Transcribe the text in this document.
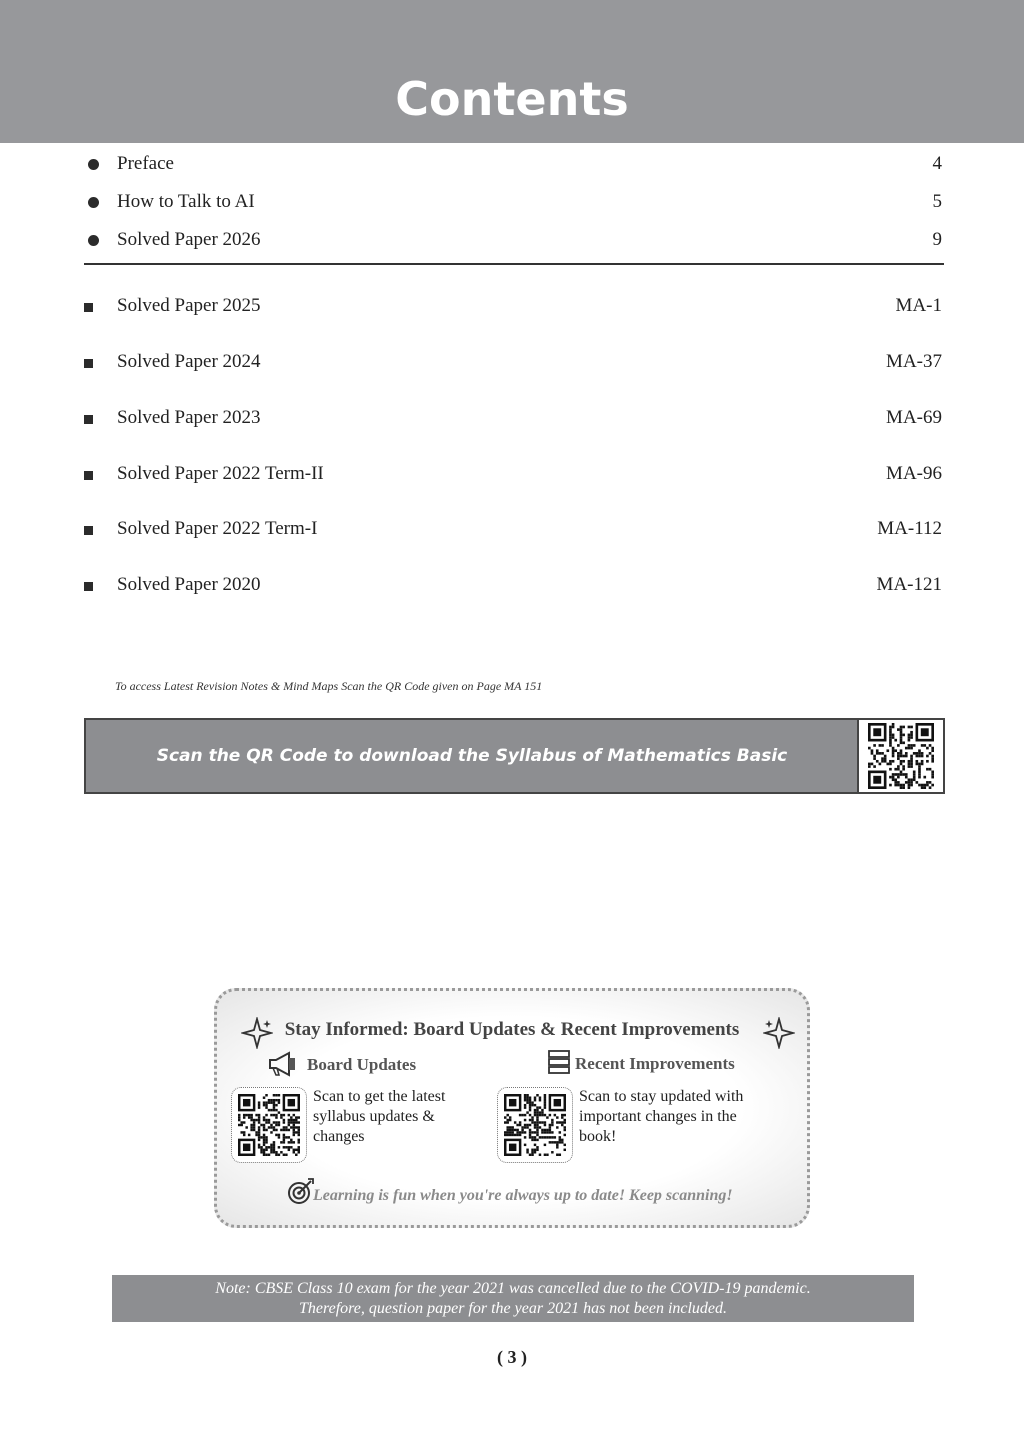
Contents
Preface	4
How to Talk to AI	5
Solved Paper 2026	9
Solved Paper 2025	MA-1
Solved Paper 2024	MA-37
Solved Paper 2023	MA-69
Solved Paper 2022 Term-II	MA-96
Solved Paper 2022 Term-I	MA-112
Solved Paper 2020	MA-121
To access Latest Revision Notes & Mind Maps Scan the QR Code given on Page MA 151
Scan the QR Code to download the Syllabus of Mathematics Basic
Stay Informed: Board Updates & Recent Improvements
Board Updates
Scan to get the latest
syllabus updates &
changes
Recent Improvements
Scan to stay updated with
important changes in the
book!
Learning is fun when you're always up to date! Keep scanning!
Note: CBSE Class 10 exam for the year 2021 was cancelled due to the COVID-19 pandemic.
Therefore, question paper for the year 2021 has not been included.
( 3 )
